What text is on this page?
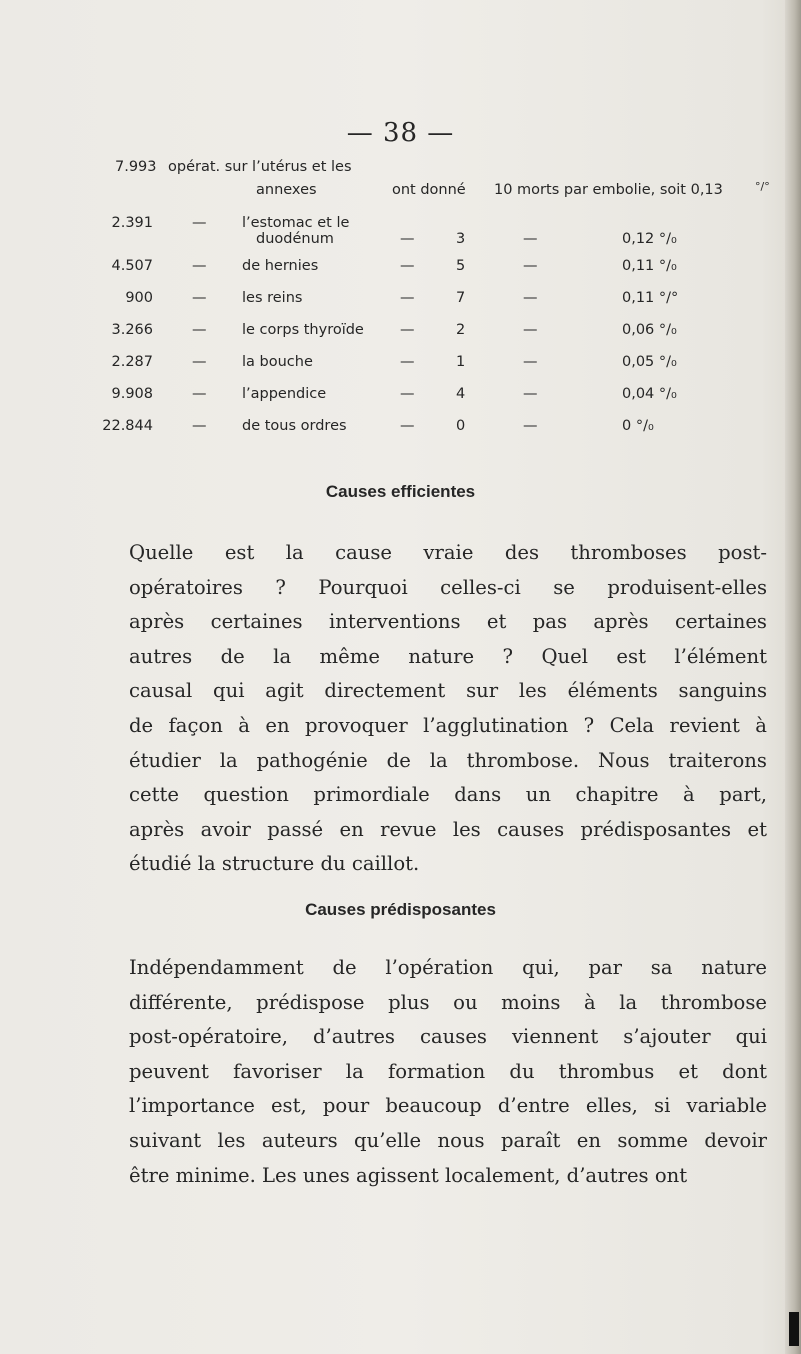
— 38 —
7.993 opérat. sur l’utérus et les
annexes	ont donné 10 morts par embolie, soit 0,13	°/°
2.391	— l’estomac et le
duodénum	—	3	—	0,12 °/₀
4.507	— de hernies	—	5	—	0,11 °/₀
900	— les reins	—	7	—	0,11 °/°
3.266	— le corps thyroïde —	2	—	0,06 °/₀
2.287	— la bouche	—	1	—	0,05 °/₀
9.908	— l’appendice	—	4	—	0,04 °/₀
22.844	— de tous ordres	—	0	—	0 °/₀
Causes efficientes
Quelle est la cause vraie des thromboses post-
opératoires ? Pourquoi celles-ci se produisent-elles
après certaines interventions et pas après certaines
autres de la même nature ? Quel est l’élément
causal qui agit directement sur les éléments sanguins
de façon à en provoquer l’agglutination ? Cela revient à
étudier la pathogénie de la thrombose. Nous traiterons
cette question primordiale dans un chapitre à part,
après avoir passé en revue les causes prédisposantes et
étudié la structure du caillot.
Causes prédisposantes
Indépendamment de l’opération qui, par sa nature
différente, prédispose plus ou moins à la thrombose
post-opératoire, d’autres causes viennent s’ajouter qui
peuvent favoriser la formation du thrombus et dont
l’importance est, pour beaucoup d’entre elles, si variable
suivant les auteurs qu’elle nous paraît en somme devoir
être minime. Les unes agissent localement, d’autres ont
